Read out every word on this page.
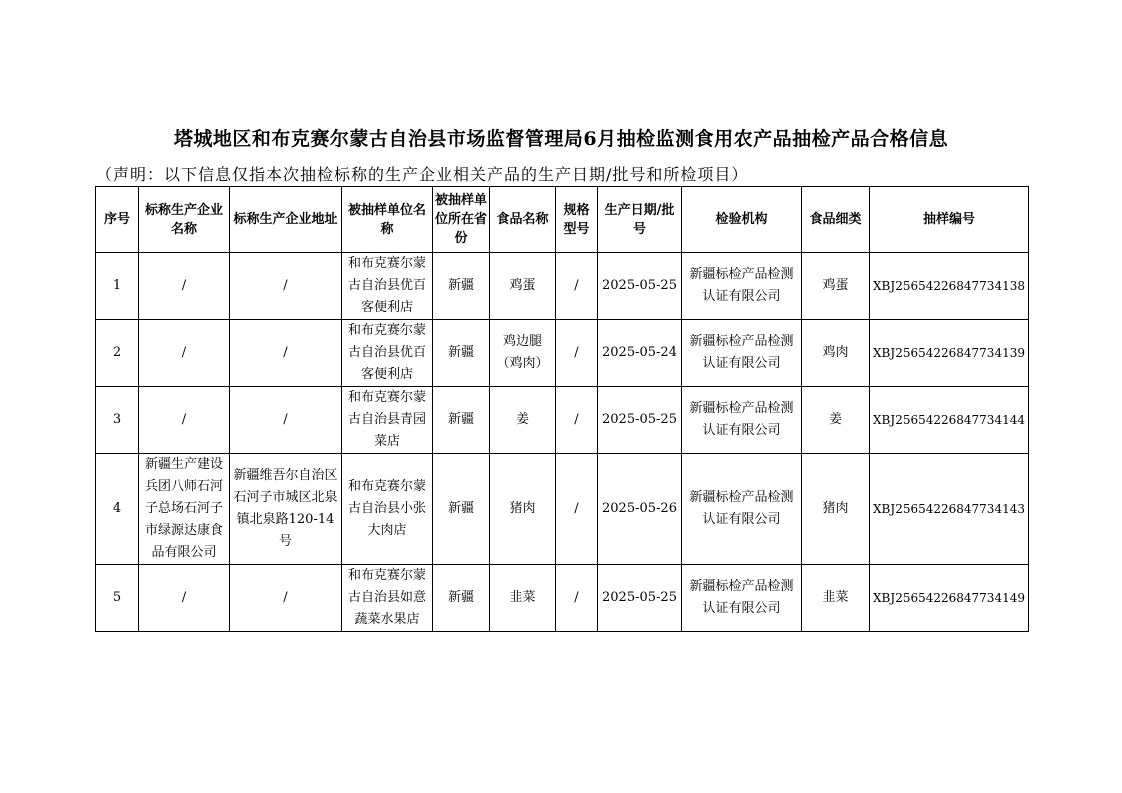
塔城地区和布克赛尔蒙古自治县市场监督管理局6月抽检监测食用农产品抽检产品合格信息
（声明：以下信息仅指本次抽检标称的生产企业相关产品的生产日期/批号和所检项目）
序号	标称生产企业名称	标称生产企业地址	被抽样单位名称	被抽样单位所在省份	食品名称	规格型号	生产日期/批号	检验机构	食品细类	抽样编号
1	/	/	和布克赛尔蒙古自治县优百客便利店	新疆	鸡蛋	/	2025-05-25	新疆标检产品检测认证有限公司	鸡蛋	XBJ25654226847734138
2	/	/	和布克赛尔蒙古自治县优百客便利店	新疆	鸡边腿（鸡肉）	/	2025-05-24	新疆标检产品检测认证有限公司	鸡肉	XBJ25654226847734139
3	/	/	和布克赛尔蒙古自治县青园菜店	新疆	姜	/	2025-05-25	新疆标检产品检测认证有限公司	姜	XBJ25654226847734144
4	新疆生产建设兵团八师石河子总场石河子市绿源达康食品有限公司	新疆维吾尔自治区石河子市城区北泉镇北泉路120-14号	和布克赛尔蒙古自治县小张大肉店	新疆	猪肉	/	2025-05-26	新疆标检产品检测认证有限公司	猪肉	XBJ25654226847734143
5	/	/	和布克赛尔蒙古自治县如意蔬菜水果店	新疆	韭菜	/	2025-05-25	新疆标检产品检测认证有限公司	韭菜	XBJ25654226847734149
